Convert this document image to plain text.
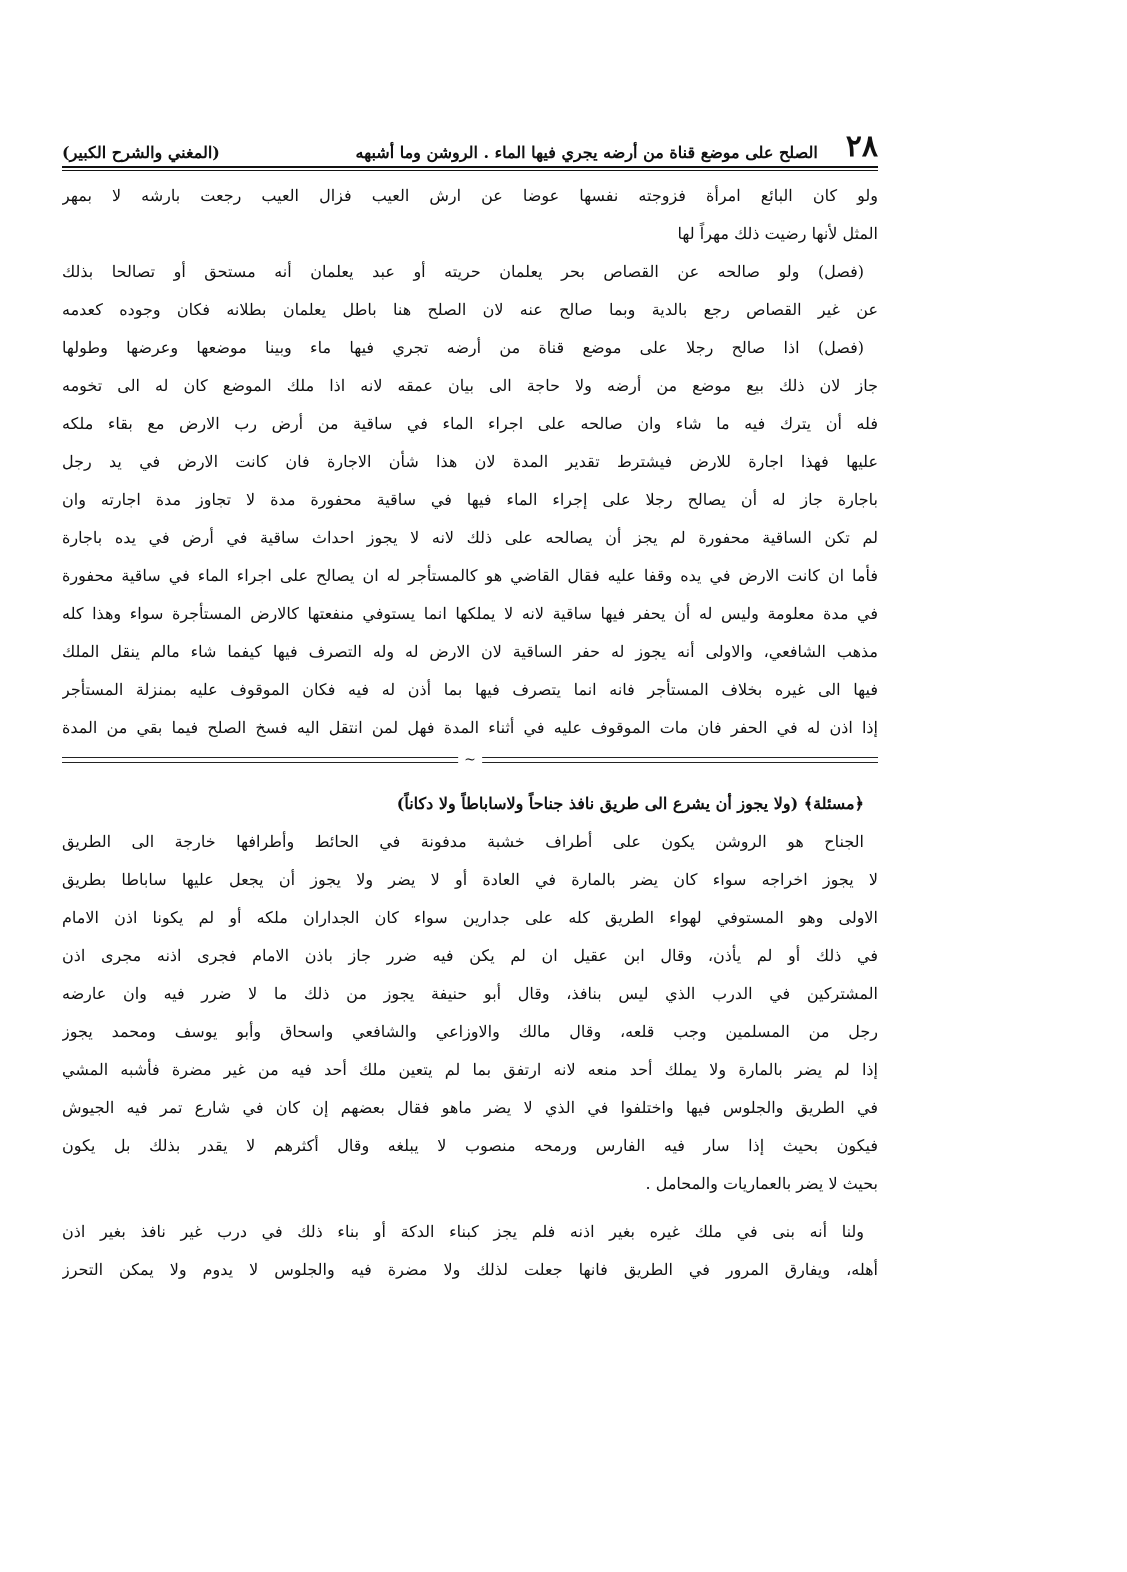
٢٨
الصلح على موضع قناة من أرضه يجري فيها الماء . الروشن وما أشبهه
(المغني والشرح الكبير)
ولو كان البائع امرأة فزوجته نفسها عوضا عن ارش العيب فزال العيب رجعت بارشه لا بمهر
المثل لأنها رضيت ذلك مهراً لها
(فصل) ولو صالحه عن القصاص بحر يعلمان حريته أو عبد يعلمان أنه مستحق أو تصالحا بذلك
عن غير القصاص رجع بالدية وبما صالح عنه لان الصلح هنا باطل يعلمان بطلانه فكان وجوده كعدمه
(فصل) اذا صالح رجلا على موضع قناة من أرضه تجري فيها ماء وبينا موضعها وعرضها وطولها
جاز لان ذلك بيع موضع من أرضه ولا حاجة الى بيان عمقه لانه اذا ملك الموضع كان له الى تخومه
فله أن يترك فيه ما شاء وان صالحه على اجراء الماء في ساقية من أرض رب الارض مع بقاء ملكه
عليها فهذا اجارة للارض فيشترط تقدير المدة لان هذا شأن الاجارة فان كانت الارض في يد رجل
باجارة جاز له أن يصالح رجلا على إجراء الماء فيها في ساقية محفورة مدة لا تجاوز مدة اجارته وان
لم تكن الساقية محفورة لم يجز أن يصالحه على ذلك لانه لا يجوز احداث ساقية في أرض في يده باجارة
فأما ان كانت الارض في يده وقفا عليه فقال القاضي هو كالمستأجر له ان يصالح على اجراء الماء في ساقية محفورة
في مدة معلومة وليس له أن يحفر فيها ساقية لانه لا يملكها انما يستوفي منفعتها كالارض المستأجرة سواء وهذا كله
مذهب الشافعي، والاولى أنه يجوز له حفر الساقية لان الارض له وله التصرف فيها كيفما شاء مالم ينقل الملك
فيها الى غيره بخلاف المستأجر فانه انما يتصرف فيها بما أذن له فيه فكان الموقوف عليه بمنزلة المستأجر
إذا اذن له في الحفر فان مات الموقوف عليه في أثناء المدة فهل لمن انتقل اليه فسخ الصلح فيما بقي من المدة
~
﴿مسئلة﴾ (ولا يجوز أن يشرع الى طريق نافذ جناحاً ولاساباطاً ولا دكاناً)
الجناح هو الروشن يكون على أطراف خشبة مدفونة في الحائط وأطرافها خارجة الى الطريق
لا يجوز اخراجه سواء كان يضر بالمارة في العادة أو لا يضر ولا يجوز أن يجعل عليها ساباطا بطريق
الاولى وهو المستوفي لهواء الطريق كله على جدارين سواء كان الجداران ملكه أو لم يكونا اذن الامام
في ذلك أو لم يأذن، وقال ابن عقيل ان لم يكن فيه ضرر جاز باذن الامام فجرى اذنه مجرى اذن
المشتركين في الدرب الذي ليس بنافذ، وقال أبو حنيفة يجوز من ذلك ما لا ضرر فيه وان عارضه
رجل من المسلمين وجب قلعه، وقال مالك والاوزاعي والشافعي واسحاق وأبو يوسف ومحمد يجوز
إذا لم يضر بالمارة ولا يملك أحد منعه لانه ارتفق بما لم يتعين ملك أحد فيه من غير مضرة فأشبه المشي
في الطريق والجلوس فيها واختلفوا في الذي لا يضر ماهو فقال بعضهم إن كان في شارع تمر فيه الجيوش
فيكون بحيث إذا سار فيه الفارس ورمحه منصوب لا يبلغه وقال أكثرهم لا يقدر بذلك بل يكون
بحيث لا يضر بالعماريات والمحامل .
ولنا أنه بنى في ملك غيره بغير اذنه فلم يجز كبناء الدكة أو بناء ذلك في درب غير نافذ بغير اذن
أهله، ويفارق المرور في الطريق فانها جعلت لذلك ولا مضرة فيه والجلوس لا يدوم ولا يمكن التحرز
